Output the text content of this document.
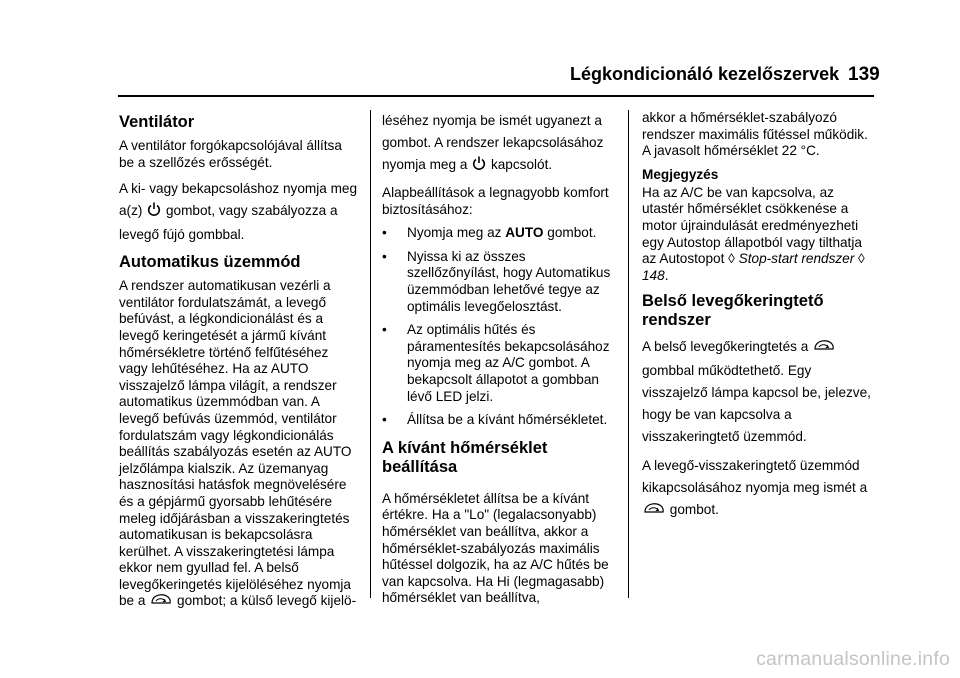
Légkondicionáló kezelőszervek 139
Ventilátor

A ventilátor forgókapcsolójával állítsa be a szellőzés erősségét.

A ki- vagy bekapcsoláshoz nyomja meg a(z) gombot, vagy szabályozza a levegő fújó gombbal.

Automatikus üzemmód

A rendszer automatikusan vezérli a ventilátor fordulatszámát, a levegő befúvást, a légkondicionálást és a levegő keringetését a jármű kívánt hőmérsékletre történő felfűtéséhez vagy lehűtéséhez. Ha az AUTO visszajelző lámpa világít, a rendszer automatikus üzemmódban van. A levegő befúvás üzemmód, ventilátor fordulatszám vagy légkondicionálás beállítás szabályozás esetén az AUTO jelzőlámpa kialszik. Az üzemanyag hasznosítási hatásfok megnövelésére és a gépjármű gyorsabb lehűtésére meleg időjárásban a visszakeringtetés automatikusan is bekapcsolásra kerülhet. A visszakeringtetési lámpa ekkor nem gyullad fel. A belső levegőkeringetés kijelöléséhez nyomja be a gombot; a külső levegő kijelö-

léséhez nyomja be ismét ugyanezt a gombot. A rendszer lekapcsolásához nyomja meg a kapcsolót.

Alapbeállítások a legnagyobb komfort biztosításához:

•	Nyomja meg az AUTO gombot.
•	Nyissa ki az összes szellőzőnyílást, hogy Automatikus üzemmódban lehetővé tegye az optimális levegőelosztást.
•	Az optimális hűtés és páramentesítés bekapcsolásához nyomja meg az A/C gombot. A bekapcsolt állapotot a gombban lévő LED jelzi.
•	Állítsa be a kívánt hőmérsékletet.
A kívánt hőmérséklet beállítása

A hőmérsékletet állítsa be a kívánt értékre. Ha a "Lo" (legalacsonyabb) hőmérséklet van beállítva, akkor a hőmérséklet-szabályozás maximális hűtéssel dolgozik, ha az A/C hűtés be van kapcsolva. Ha Hi (legmagasabb) hőmérséklet van beállítva,

akkor a hőmérséklet-szabályozó rendszer maximális fűtéssel működik. A javasolt hőmérséklet 22 °C.

Megjegyzés

Ha az A/C be van kapcsolva, az utastér hőmérséklet csökkenése a motor újraindulását eredményezheti egy Autostop állapotból vagy tilthatja az Autostopot ◊ Stop-start rendszer ◊ 148.

Belső levegőkeringtető rendszer

A belső levegőkeringtetés a  gombbal működtethető. Egy visszajelző lámpa kapcsol be, jelezve, hogy be van kapcsolva a visszakeringtető üzemmód.

A levegő-visszakeringtető üzemmód kikapcsolásához nyomja meg ismét a  gombot.

carmanualsonline.info
